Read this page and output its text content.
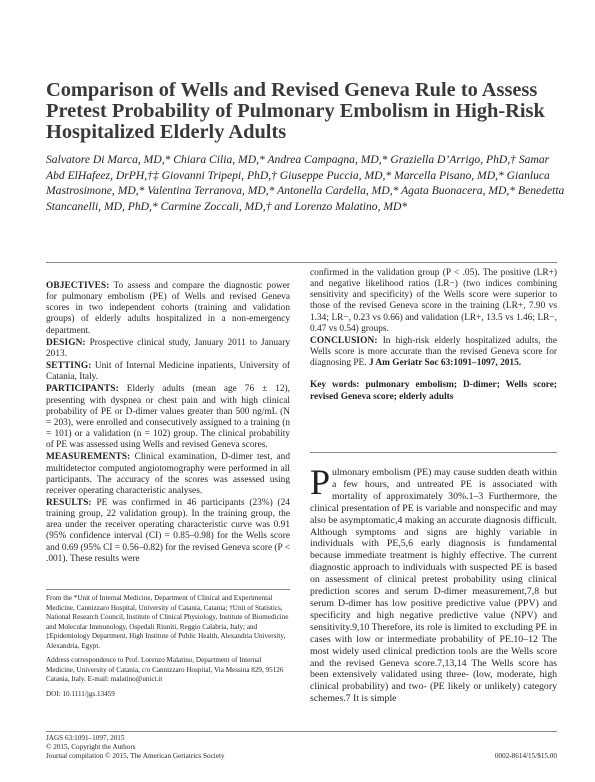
Comparison of Wells and Revised Geneva Rule to Assess Pretest Probability of Pulmonary Embolism in High-Risk Hospitalized Elderly Adults
Salvatore Di Marca, MD,* Chiara Cilia, MD,* Andrea Campagna, MD,* Graziella D’Arrigo, PhD,† Samar Abd ElHafeez, DrPH,†‡ Giovanni Tripepi, PhD,† Giuseppe Puccia, MD,* Marcella Pisano, MD,* Gianluca Mastrosimone, MD,* Valentina Terranova, MD,* Antonella Cardella, MD,* Agata Buonacera, MD,* Benedetta Stancanelli, MD, PhD,* Carmine Zoccali, MD,† and Lorenzo Malatino, MD*

OBJECTIVES: To assess and compare the diagnostic power for pulmonary embolism (PE) of Wells and revised Geneva scores in two independent cohorts (training and validation groups) of elderly adults hospitalized in a non-emergency department.

DESIGN: Prospective clinical study, January 2011 to January 2013.

SETTING: Unit of Internal Medicine inpatients, University of Catania, Italy.

PARTICIPANTS: Elderly adults (mean age 76 ± 12), presenting with dyspnea or chest pain and with high clinical probability of PE or D-dimer values greater than 500 ng/mL (N = 203), were enrolled and consecutively assigned to a training (n = 101) or a validation (n = 102) group. The clinical probability of PE was assessed using Wells and revised Geneva scores.

MEASUREMENTS: Clinical examination, D-dimer test, and multidetector computed angiotomography were performed in all participants. The accuracy of the scores was assessed using receiver operating characteristic analyses.

RESULTS: PE was confirmed in 46 participants (23%) (24 training group, 22 validation group). In the training group, the area under the receiver operating characteristic curve was 0.91 (95% confidence interval (CI) = 0.85–0.98) for the Wells score and 0.69 (95% CI = 0.56–0.82) for the revised Geneva score (P < .001). These results were

confirmed in the validation group (P < .05). The positive (LR+) and negative likelihood ratios (LR−) (two indices combining sensitivity and specificity) of the Wells score were superior to those of the revised Geneva score in the training (LR+, 7.90 vs 1.34; LR−, 0.23 vs 0.66) and validation (LR+, 13.5 vs 1.46; LR−, 0.47 vs 0.54) groups.

CONCLUSION: In high-risk elderly hospitalized adults, the Wells score is more accurate than the revised Geneva score for diagnosing PE. J Am Geriatr Soc 63:1091–1097, 2015.

Key words: pulmonary embolism; D-dimer; Wells score; revised Geneva score; elderly adults

Pulmonary embolism (PE) may cause sudden death within a few hours, and untreated PE is associated with mortality of approximately 30%.1–3 Furthermore, the clinical presentation of PE is variable and nonspecific and may also be asymptomatic,4 making an accurate diagnosis difficult. Although symptoms and signs are highly variable in individuals with PE,5,6 early diagnosis is fundamental because immediate treatment is highly effective. The current diagnostic approach to individuals with suspected PE is based on assessment of clinical pretest probability using clinical prediction scores and serum D-dimer measurement,7,8 but serum D-dimer has low positive predictive value (PPV) and specificity and high negative predictive value (NPV) and sensitivity.9,10 Therefore, its role is limited to excluding PE in cases with low or intermediate probability of PE.10–12 The most widely used clinical prediction tools are the Wells score and the revised Geneva score.7,13,14 The Wells score has been extensively validated using three- (low, moderate, high clinical probability) and two- (PE likely or unlikely) category schemes.7 It is simple

From the *Unit of Internal Medicine, Department of Clinical and Experimental Medicine, Cannizzaro Hospital, University of Catania, Catania; †Unit of Statistics, National Research Council, Institute of Clinical Physiology, Institute of Biomedicine and Molecular Immunology, Ospedali Riuniti, Reggio Calabria, Italy; and ‡Epidemiology Department, High Institute of Public Health, Alexandria University, Alexandria, Egypt.

Address correspondence to Prof. Lorenzo Malatino, Department of Internal Medicine, University of Catania, c/o Cannizzaro Hospital, Via Messina 829, 95126 Catania, Italy. E-mail: malatino@unict.it

DOI: 10.1111/jgs.13459

JAGS 63:1091–1097, 2015
© 2015, Copyright the Authors
Journal compilation © 2015, The American Geriatrics Society	0002-8614/15/$15.00
